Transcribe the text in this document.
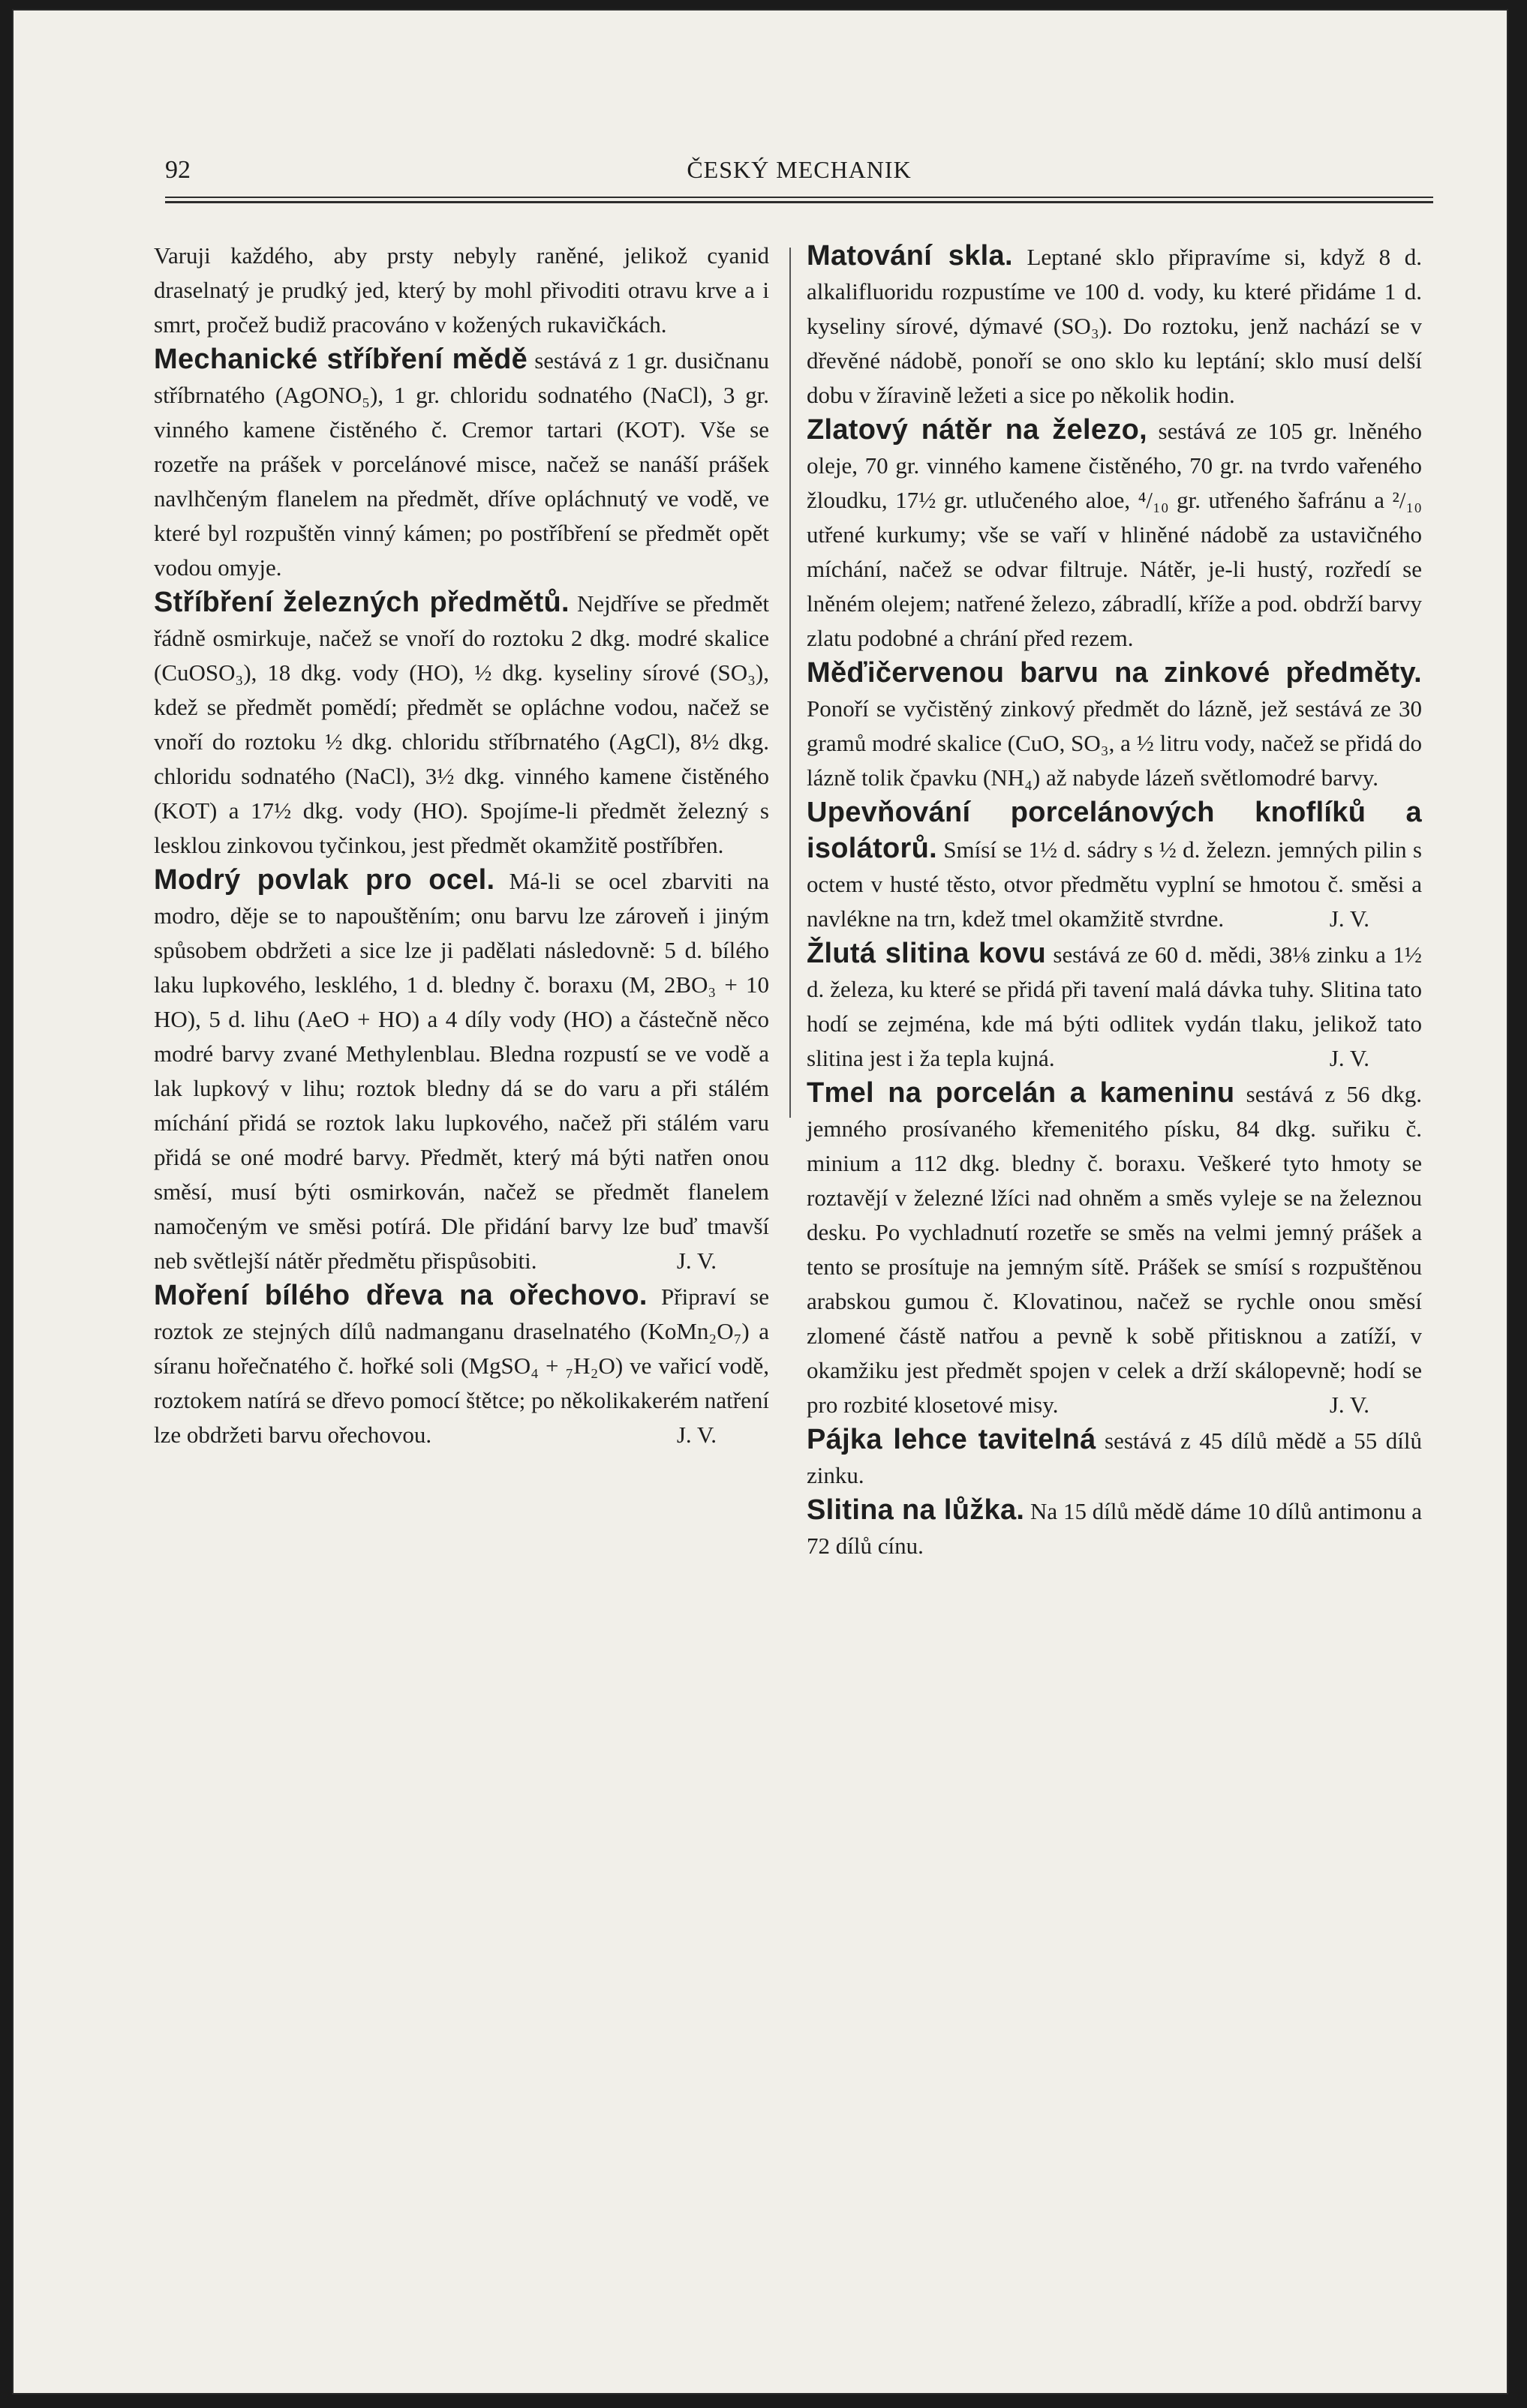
92	ČESKÝ MECHANIK

Varuji každého, aby prsty nebyly raněné, jelikož cyanid draselnatý je prudký jed, který by mohl přivoditi otravu krve a i smrt, pročež budiž pracováno v kožených rukavičkách.

Mechanické stříbření mědě sestává z 1 gr. dusičnanu stříbrnatého (AgONO₅), 1 gr. chloridu sodnatého (NaCl), 3 gr. vinného kamene čistěného č. Cremor tartari (KOT). Vše se rozetře na prášek v porcelánové misce, načež se nanáší prášek navlhčeným flanelem na předmět, dříve opláchnutý ve vodě, ve které byl rozpuštěn vinný kámen; po postříbření se předmět opět vodou omyje.

Stříbření železných předmětů. Nejdříve se předmět řádně osmirkuje, načež se vnoří do roztoku 2 dkg. modré skalice (CuOSO₃), 18 dkg. vody (HO), ½ dkg. kyseliny sírové (SO₃), kdež se předmět pomědí; předmět se opláchne vodou, načež se vnoří do roztoku ½ dkg. chloridu stříbrnatého (AgCl), 8½ dkg. chloridu sodnatého (NaCl), 3½ dkg. vinného kamene čistěného (KOT) a 17½ dkg. vody (HO). Spojíme-li předmět železný s lesklou zinkovou tyčinkou, jest předmět okamžitě postříbřen.

Modrý povlak pro ocel. Má-li se ocel zbarviti na modro, děje se to napouštěním; onu barvu lze zároveň i jiným spůsobem obdržeti a sice lze ji padělati následovně: 5 d. bílého laku lupkového, lesklého, 1 d. bledny č. boraxu (M, 2BO₃ + 10 HO), 5 d. lihu (AeO + HO) a 4 díly vody (HO) a částečně něco modré barvy zvané Methylenblau. Bledna rozpustí se ve vodě a lak lupkový v lihu; roztok bledny dá se do varu a při stálém míchání přidá se roztok laku lupkového, načež při stálém varu přidá se oné modré barvy. Předmět, který má býti natřen onou směsí, musí býti osmirkován, načež se předmět flanelem namočeným ve směsi potírá. Dle přidání barvy lze buď tmavší neb světlejší nátěr předmětu přispůsobiti.	J. V.

Moření bílého dřeva na ořechovo. Připraví se roztok ze stejných dílů nadmanganu draselnatého (KoMn₂O₇) a síranu hořečnatého č. hořké soli (MgSO₄ + ₇H₂O) ve vařicí vodě, roztokem natírá se dřevo pomocí štětce; po několikakerém natření lze obdržeti barvu ořechovou.	J. V.

Matování skla. Leptané sklo připravíme si, když 8 d. alkalifluoridu rozpustíme ve 100 d. vody, ku které přidáme 1 d. kyseliny sírové, dýmavé (SO₃). Do roztoku, jenž nachází se v dřevěné nádobě, ponoří se ono sklo ku leptání; sklo musí delší dobu v žíravině ležeti a sice po několik hodin.

Zlatový nátěr na železo, sestává ze 105 gr. lněného oleje, 70 gr. vinného kamene čistěného, 70 gr. na tvrdo vařeného žloudku, 17½ gr. utlučeného aloe, ⁴/₁₀ gr. utřeného šafránu a ²/₁₀ utřené kurkumy; vše se vaří v hliněné nádobě za ustavičného míchání, načež se odvar filtruje. Nátěr, je-li hustý, rozředí se lněném olejem; natřené železo, zábradlí, kříže a pod. obdrží barvy zlatu podobné a chrání před rezem.

Měďičervenou barvu na zinkové předměty. Ponoří se vyčistěný zinkový předmět do lázně, jež sestává ze 30 gramů modré skalice (CuO, SO₃, a ½ litru vody, načež se přidá do lázně tolik čpavku (NH₄) až nabyde lázeň světlomodré barvy.

Upevňování porcelánových knoflíků a isolátorů. Smísí se 1½ d. sádry s ½ d. železn. jemných pilin s octem v husté těsto, otvor předmětu vyplní se hmotou č. směsi a navlékne na trn, kdež tmel okamžitě stvrdne.	J. V.

Žlutá slitina kovu sestává ze 60 d. mědi, 38⅛ zinku a 1½ d. železa, ku které se přidá při tavení malá dávka tuhy. Slitina tato hodí se zejména, kde má býti odlitek vydán tlaku, jelikož tato slitina jest i ža tepla kujná.	J. V.

Tmel na porcelán a kameninu sestává z 56 dkg. jemného prosívaného křemenitého písku, 84 dkg. suřiku č. minium a 112 dkg. bledny č. boraxu. Veškeré tyto hmoty se roztavějí v železné lžíci nad ohněm a směs vyleje se na železnou desku. Po vychladnutí rozetře se směs na velmi jemný prášek a tento se prosítuje na jemným sítě. Prášek se smísí s rozpuštěnou arabskou gumou č. Klovatinou, načež se rychle onou směsí zlomené částě natřou a pevně k sobě přitisknou a zatíží, v okamžiku jest předmět spojen v celek a drží skálopevně; hodí se pro rozbité klosetové misy.	J. V.

Pájka lehce tavitelná sestává z 45 dílů mědě a 55 dílů zinku.

Slitina na lůžka. Na 15 dílů mědě dáme 10 dílů antimonu a 72 dílů cínu.
